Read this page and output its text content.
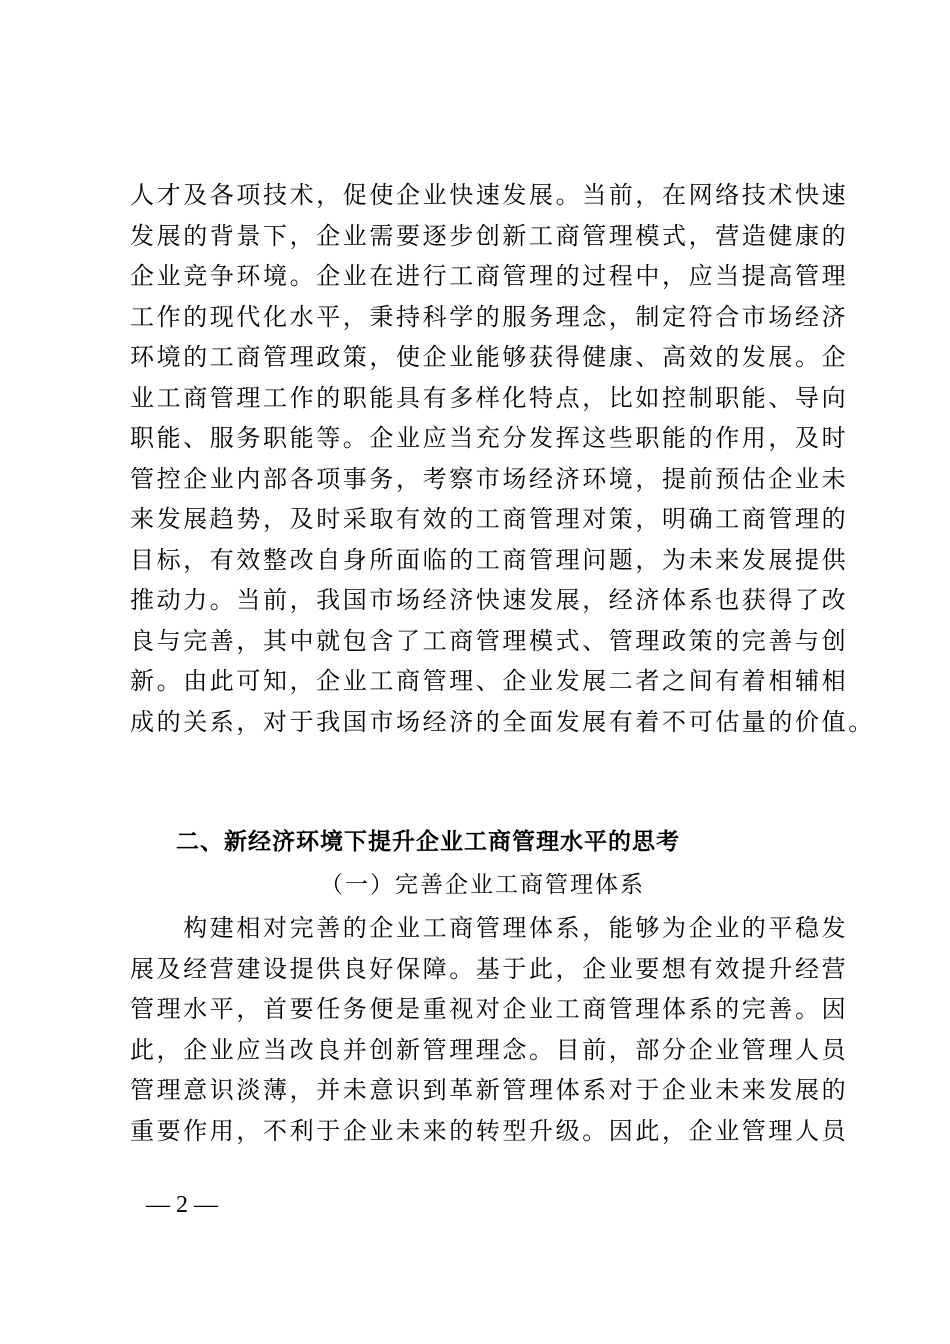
人才及各项技术，促使企业快速发展。当前，在网络技术快速
发展的背景下，企业需要逐步创新工商管理模式，营造健康的
企业竞争环境。企业在进行工商管理的过程中，应当提高管理
工作的现代化水平，秉持科学的服务理念，制定符合市场经济
环境的工商管理政策，使企业能够获得健康、高效的发展。企
业工商管理工作的职能具有多样化特点，比如控制职能、导向
职能、服务职能等。企业应当充分发挥这些职能的作用，及时
管控企业内部各项事务，考察市场经济环境，提前预估企业未
来发展趋势，及时采取有效的工商管理对策，明确工商管理的
目标，有效整改自身所面临的工商管理问题，为未来发展提供
推动力。当前，我国市场经济快速发展，经济体系也获得了改
良与完善，其中就包含了工商管理模式、管理政策的完善与创
新。由此可知，企业工商管理、企业发展二者之间有着相辅相
成的关系，对于我国市场经济的全面发展有着不可估量的价值。
二、新经济环境下提升企业工商管理水平的思考
（一）完善企业工商管理体系
　　构建相对完善的企业工商管理体系，能够为企业的平稳发
展及经营建设提供良好保障。基于此，企业要想有效提升经营
管理水平，首要任务便是重视对企业工商管理体系的完善。因
此，企业应当改良并创新管理理念。目前，部分企业管理人员
管理意识淡薄，并未意识到革新管理体系对于企业未来发展的
重要作用，不利于企业未来的转型升级。因此，企业管理人员
— 2 —
